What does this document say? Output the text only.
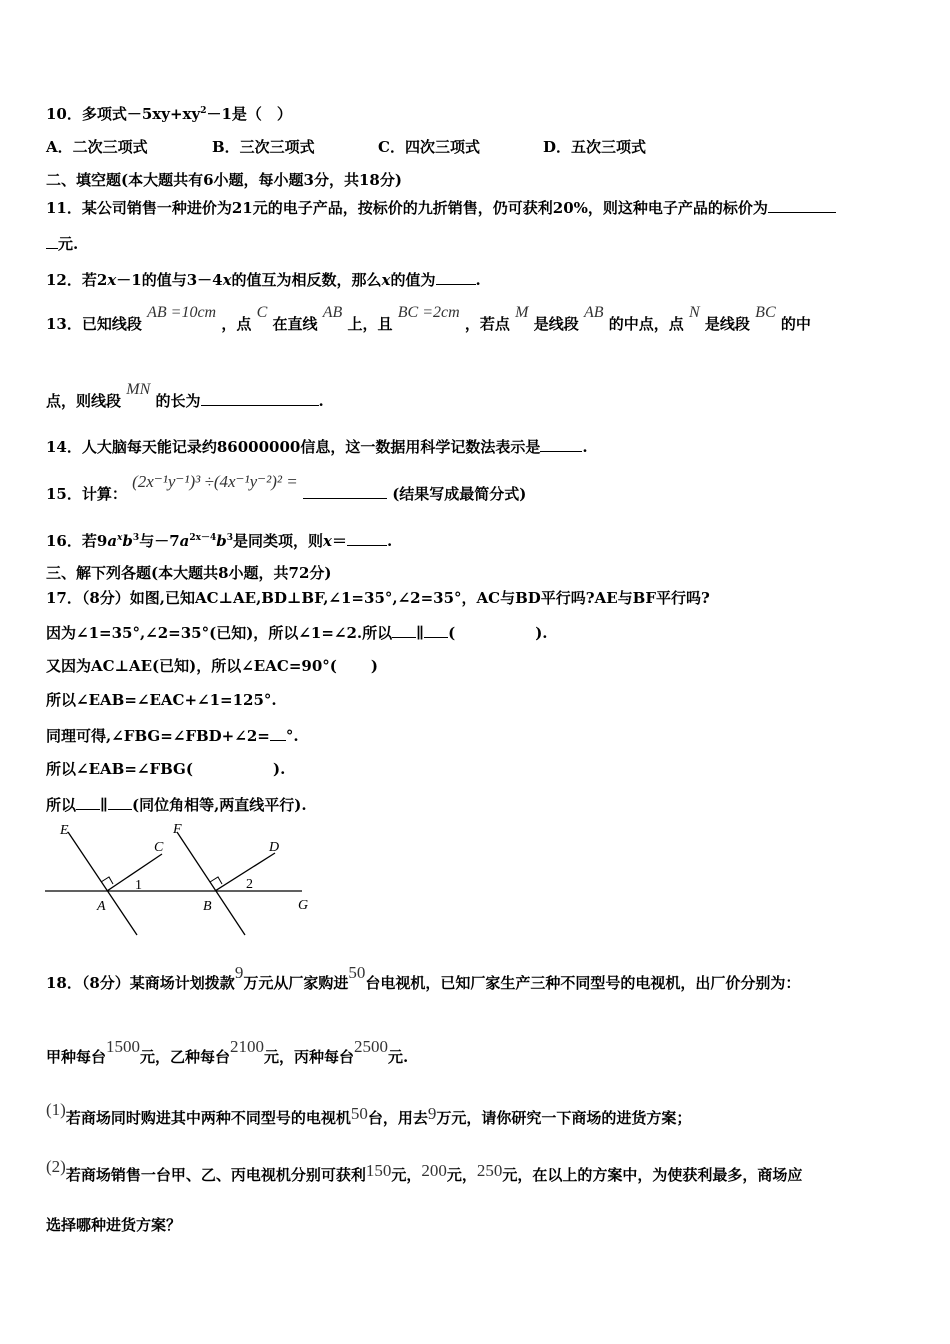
10．多项式$-5xy+xy^2-1$是（　）
A．二次三项式	B．三次三项式	C．四次三项式	D．五次三项式
二、填空题(本大题共有6小题，每小题3分，共18分)
11．某公司销售一种进价为21元的电子产品，按标价的九折销售，仍可获利20%，则这种电子产品的标价为
元.
12．若2x－1的值与3－4x的值互为相反数，那么x的值为	.
13．已知线段 AB =10cm ，点 C 在直线 AB 上，且 BC =2cm ，若点 M 是线段 AB 的中点，点 N 是线段 BC 的中
点，则线段 MN 的长为	.
14．人大脑每天能记录约86000000信息，这一数据用科学记数法表示是	.
15．计算： (2x⁻¹y⁻¹)³ ÷(4x⁻¹y⁻²)² =  (结果写成最简分式)
16．若$9a^xb^3$与$-7a^{2x-4}b^3$是同类项，则x＝	.
三、解下列各题(本大题共8小题，共72分)
17．（8分）如图,已知AC⊥AE,BD⊥BF,∠1=35°,∠2=35°，AC与BD平行吗?AE与BF平行吗?
因为∠1=35°,∠2=35°(已知)，所以∠1=∠2.所以 ∥ (	).
又因为AC⊥AE(已知)，所以∠EAC=90°( )
所以∠EAB=∠EAC+∠1=125°.
同理可得,∠FBG=∠FBD+∠2= °.
所以∠EAB=∠FBG(	).
所以 ∥ (同位角相等,两直线平行).
E
C
1
A
F
D
2
B	G
18．（8分）某商场计划拨款9万元从厂家购进50台电视机，已知厂家生产三种不同型号的电视机，出厂价分别为：
甲种每台1500元，乙种每台2100元，丙种每台2500元.
(1)若商场同时购进其中两种不同型号的电视机50台，用去9万元，请你研究一下商场的进货方案；
(2)若商场销售一台甲、乙、丙电视机分别可获利150元，200元，250元，在以上的方案中，为使获利最多，商场应
选择哪种进货方案？
